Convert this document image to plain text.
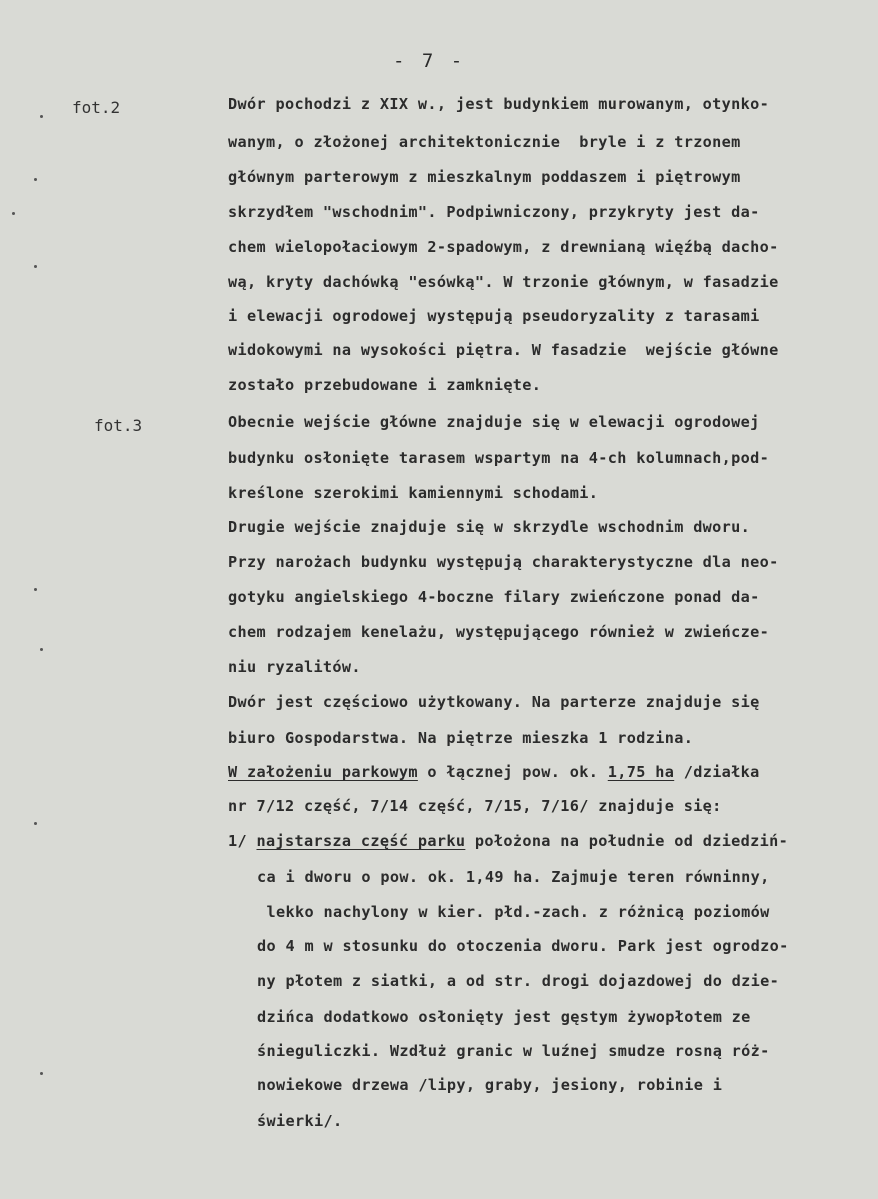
- 7 -
fot.2
fot.3
Dwór pochodzi z XIX w., jest budynkiem murowanym, otynko-
wanym, o złożonej architektonicznie  bryle i z trzonem
głównym parterowym z mieszkalnym poddaszem i piętrowym
skrzydłem "wschodnim". Podpiwniczony, przykryty jest da-
chem wielopołaciowym 2-spadowym, z drewnianą więźbą dacho-
wą, kryty dachówką "esówką". W trzonie głównym, w fasadzie
i elewacji ogrodowej występują pseudoryzality z tarasami
widokowymi na wysokości piętra. W fasadzie  wejście główne
zostało przebudowane i zamknięte.
Obecnie wejście główne znajduje się w elewacji ogrodowej
budynku osłonięte tarasem wspartym na 4-ch kolumnach,pod-
kreślone szerokimi kamiennymi schodami.
Drugie wejście znajduje się w skrzydle wschodnim dworu.
Przy narożach budynku występują charakterystyczne dla neo-
gotyku angielskiego 4-boczne filary zwieńczone ponad da-
chem rodzajem kenelażu, występującego również w zwieńcze-
niu ryzalitów.
Dwór jest częściowo użytkowany. Na parterze znajduje się
biuro Gospodarstwa. Na piętrze mieszka 1 rodzina.
W założeniu parkowym o łącznej pow. ok. 1,75 ha /działka
nr 7/12 część, 7/14 część, 7/15, 7/16/ znajduje się:
1/ najstarsza część parku położona na południe od dziedziń-
ca i dworu o pow. ok. 1,49 ha. Zajmuje teren równinny,
lekko nachylony w kier. płd.-zach. z różnicą poziomów
do 4 m w stosunku do otoczenia dworu. Park jest ogrodzo-
ny płotem z siatki, a od str. drogi dojazdowej do dzie-
dzińca dodatkowo osłonięty jest gęstym żywopłotem ze
śnieguliczki. Wzdłuż granic w luźnej smudze rosną róż-
nowiekowe drzewa /lipy, graby, jesiony, robinie i
świerki/.
